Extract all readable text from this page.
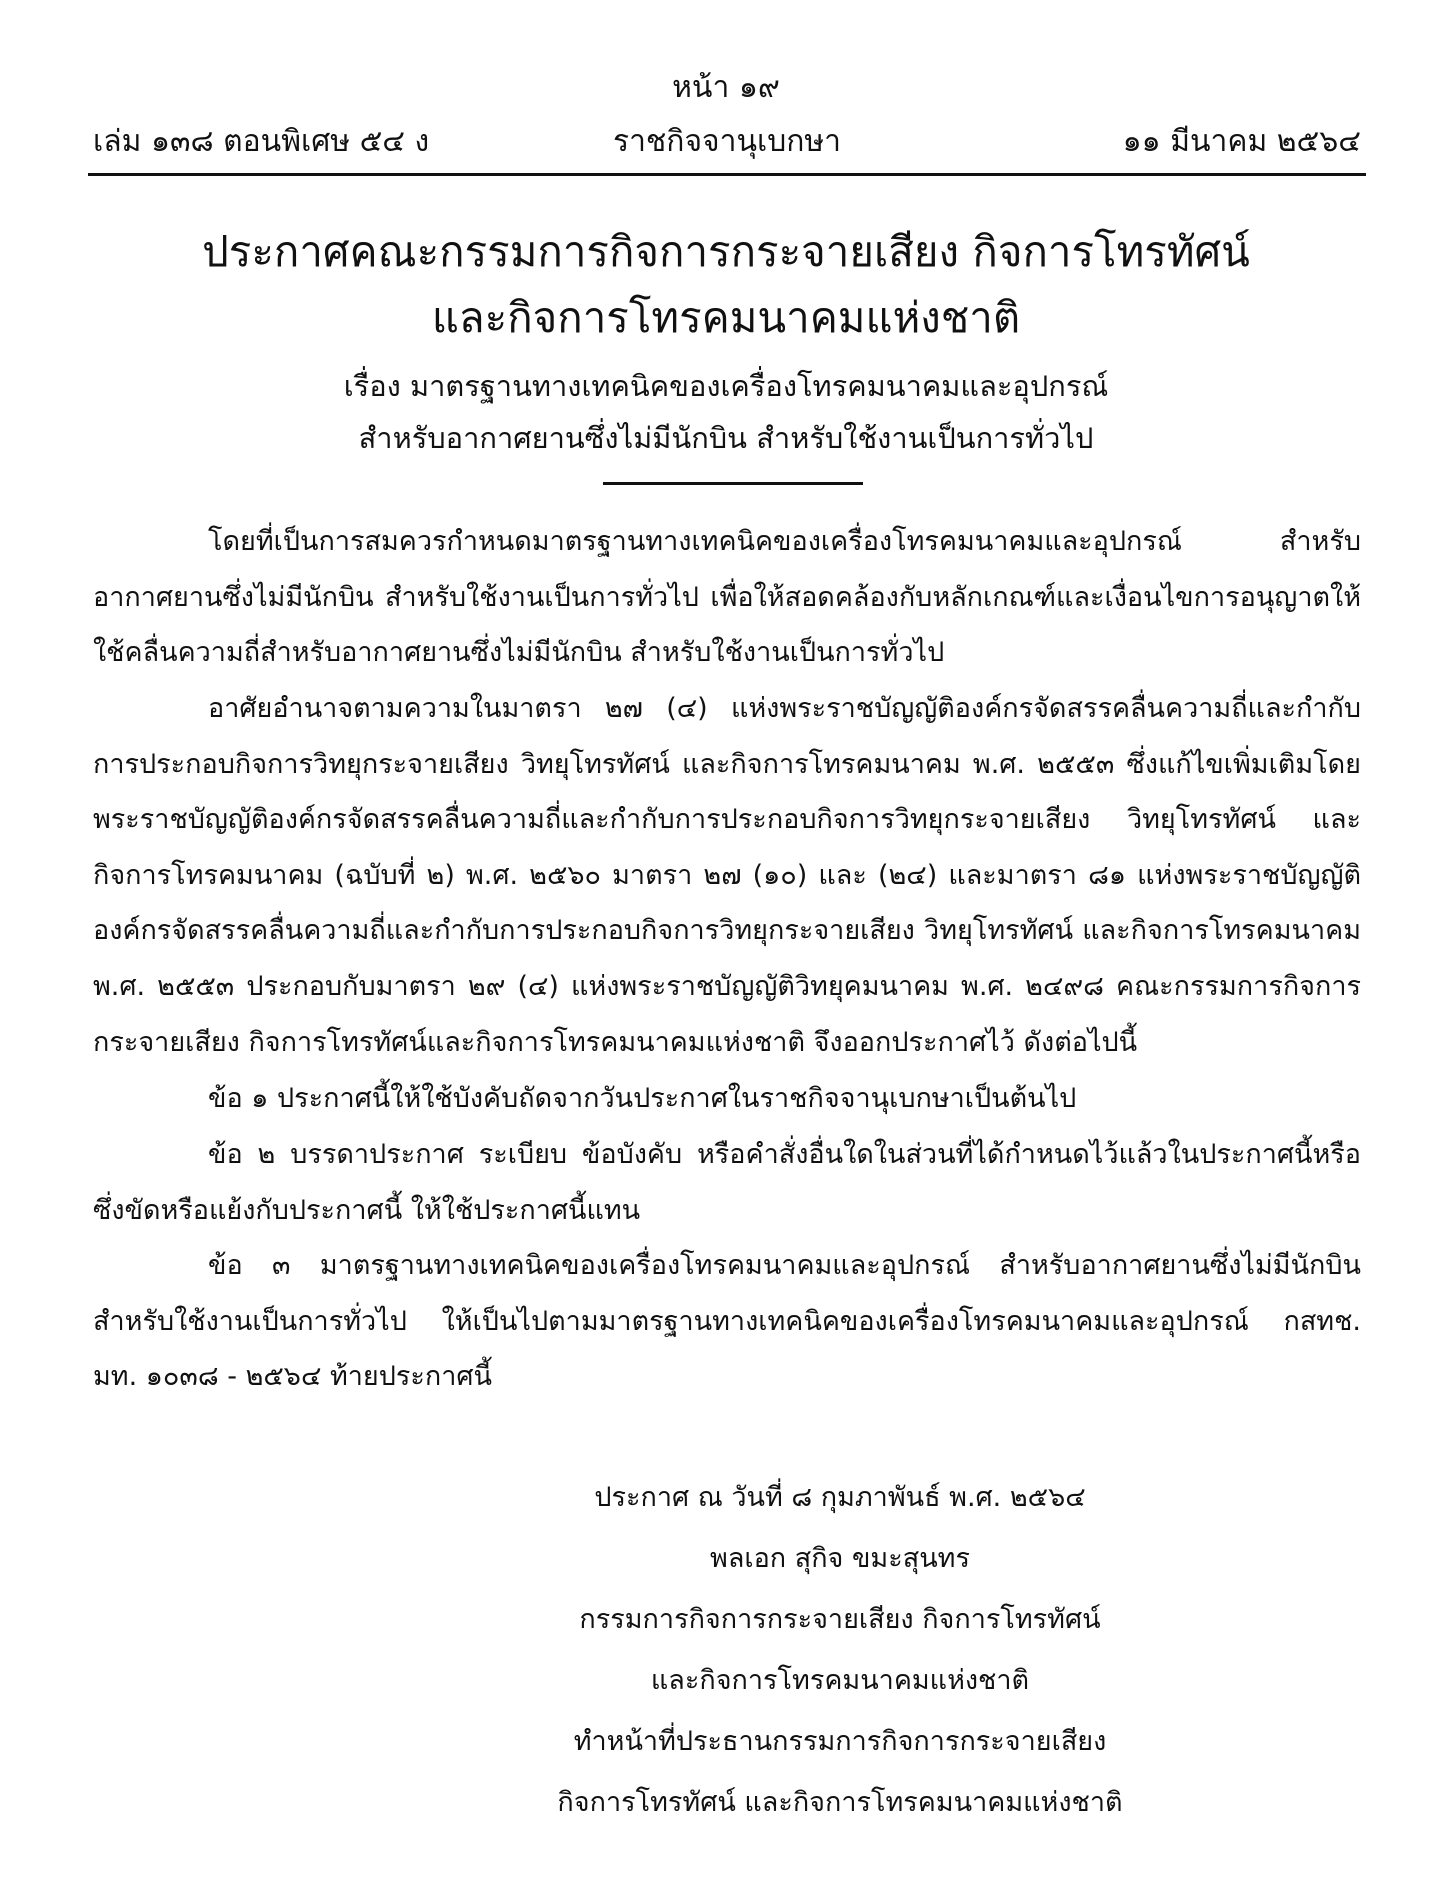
หน้า ๑๙
เล่ม ๑๓๘ ตอนพิเศษ ๕๔ ง	ราชกิจจานุเบกษา	๑๑ มีนาคม ๒๕๖๔
ประกาศคณะกรรมการกิจการกระจายเสียง กิจการโทรทัศน์
และกิจการโทรคมนาคมแห่งชาติ
เรื่อง มาตรฐานทางเทคนิคของเครื่องโทรคมนาคมและอุปกรณ์
สำหรับอากาศยานซึ่งไม่มีนักบิน สำหรับใช้งานเป็นการทั่วไป

โดยที่เป็นการสมควรกำหนดมาตรฐานทางเทคนิคของเครื่องโทรคมนาคมและอุปกรณ์ สำหรับอากาศยานซึ่งไม่มีนักบิน สำหรับใช้งานเป็นการทั่วไป เพื่อให้สอดคล้องกับหลักเกณฑ์และเงื่อนไขการอนุญาตให้ใช้คลื่นความถี่สำหรับอากาศยานซึ่งไม่มีนักบิน สำหรับใช้งานเป็นการทั่วไป

อาศัยอำนาจตามความในมาตรา ๒๗ (๔) แห่งพระราชบัญญัติองค์กรจัดสรรคลื่นความถี่และกำกับการประกอบกิจการวิทยุกระจายเสียง วิทยุโทรทัศน์ และกิจการโทรคมนาคม พ.ศ. ๒๕๕๓ ซึ่งแก้ไขเพิ่มเติมโดยพระราชบัญญัติองค์กรจัดสรรคลื่นความถี่และกำกับการประกอบกิจการวิทยุกระจายเสียง วิทยุโทรทัศน์ และกิจการโทรคมนาคม (ฉบับที่ ๒) พ.ศ. ๒๕๖๐ มาตรา ๒๗ (๑๐) และ (๒๔) และมาตรา ๘๑ แห่งพระราชบัญญัติองค์กรจัดสรรคลื่นความถี่และกำกับการประกอบกิจการวิทยุกระจายเสียง วิทยุโทรทัศน์ และกิจการโทรคมนาคม พ.ศ. ๒๕๕๓ ประกอบกับมาตรา ๒๙ (๔) แห่งพระราชบัญญัติวิทยุคมนาคม พ.ศ. ๒๔๙๘ คณะกรรมการกิจการกระจายเสียง กิจการโทรทัศน์และกิจการโทรคมนาคมแห่งชาติ จึงออกประกาศไว้ ดังต่อไปนี้

ข้อ ๑ ประกาศนี้ให้ใช้บังคับถัดจากวันประกาศในราชกิจจานุเบกษาเป็นต้นไป

ข้อ ๒ บรรดาประกาศ ระเบียบ ข้อบังคับ หรือคำสั่งอื่นใดในส่วนที่ได้กำหนดไว้แล้วในประกาศนี้หรือซึ่งขัดหรือแย้งกับประกาศนี้ ให้ใช้ประกาศนี้แทน

ข้อ ๓ มาตรฐานทางเทคนิคของเครื่องโทรคมนาคมและอุปกรณ์ สำหรับอากาศยานซึ่งไม่มีนักบิน สำหรับใช้งานเป็นการทั่วไป ให้เป็นไปตามมาตรฐานทางเทคนิคของเครื่องโทรคมนาคมและอุปกรณ์ กสทช. มท. ๑๐๓๘ - ๒๕๖๔ ท้ายประกาศนี้

ประกาศ ณ วันที่ ๘ กุมภาพันธ์ พ.ศ. ๒๕๖๔
พลเอก สุกิจ ขมะสุนทร
กรรมการกิจการกระจายเสียง กิจการโทรทัศน์
และกิจการโทรคมนาคมแห่งชาติ
ทำหน้าที่ประธานกรรมการกิจการกระจายเสียง
กิจการโทรทัศน์ และกิจการโทรคมนาคมแห่งชาติ
